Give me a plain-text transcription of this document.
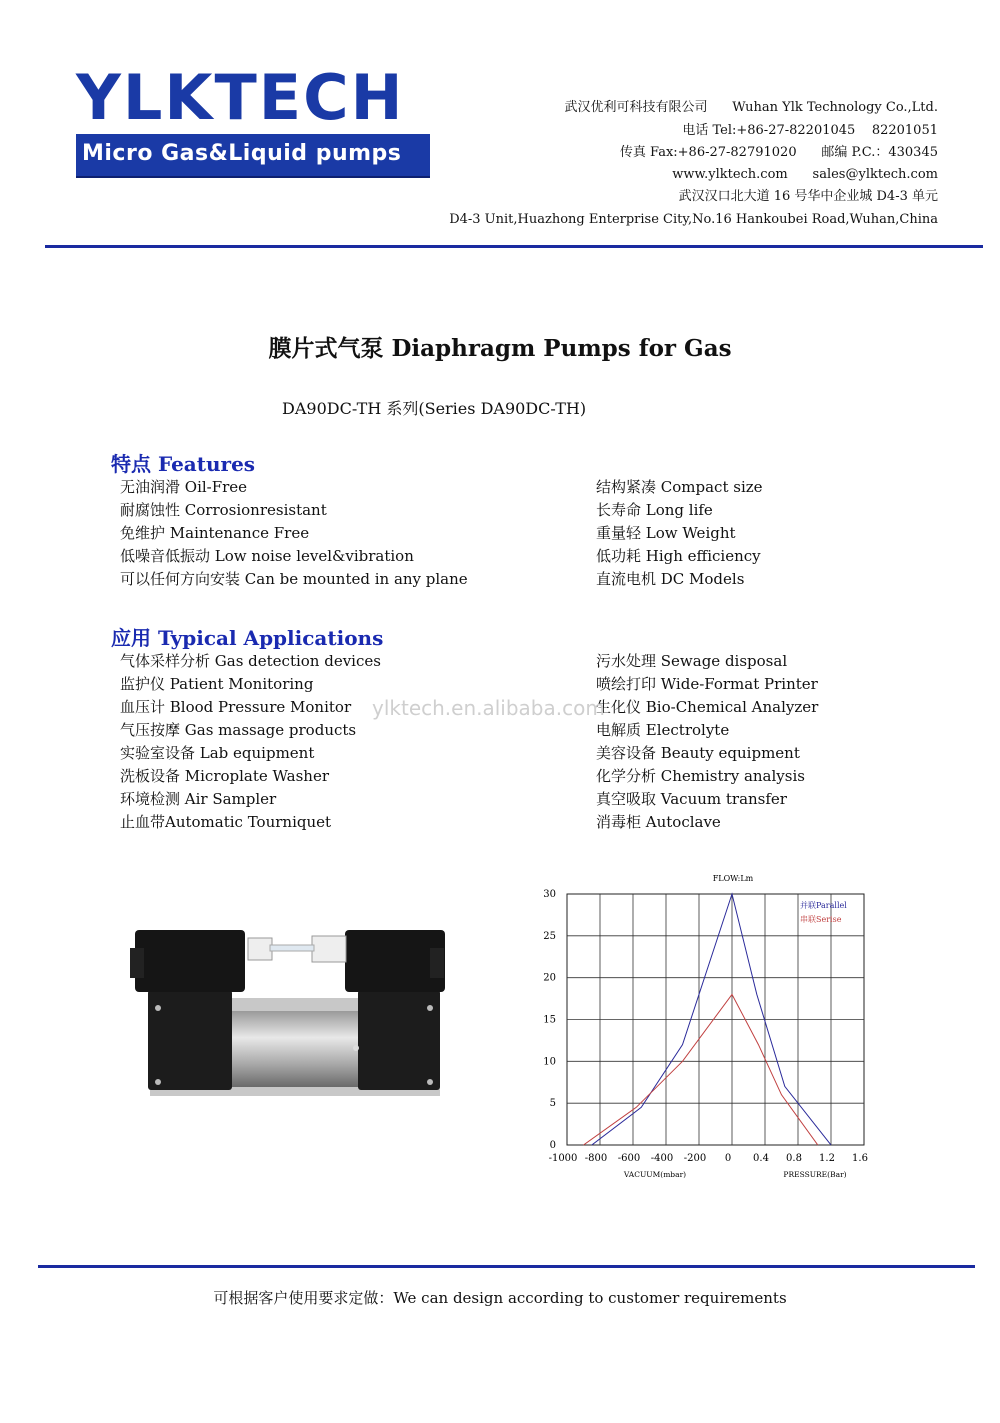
YLKTECH
Micro Gas&Liquid pumps
武汉优利可科技有限公司      Wuhan Ylk Technology Co.,Ltd.
电话 Tel:+86-27-82201045    82201051
传真 Fax:+86-27-82791020      邮编 P.C.：430345
www.ylktech.com      sales@ylktech.com
武汉汉口北大道 16 号华中企业城 D4-3 单元
D4-3 Unit,Huazhong Enterprise City,No.16 Hankoubei Road,Wuhan,China
膜片式气泵 Diaphragm Pumps for Gas
DA90DC-TH 系列(Series DA90DC-TH)
特点 Features
无油润滑 Oil-Free
耐腐蚀性 Corrosionresistant
免维护 Maintenance Free
低噪音低振动 Low noise level&vibration
可以任何方向安装 Can be mounted in any plane
结构紧凑 Compact size
长寿命 Long life
重量轻 Low Weight
低功耗 High efficiency
直流电机 DC Models
应用 Typical Applications
气体采样分析 Gas detection devices
监护仪 Patient Monitoring
血压计 Blood Pressure Monitor
气压按摩 Gas massage products
实验室设备 Lab equipment
洗板设备 Microplate Washer
环境检测 Air Sampler
止血带Automatic Tourniquet
污水处理 Sewage disposal
喷绘打印 Wide-Format Printer
生化仪 Bio-Chemical Analyzer
电解质 Electrolyte
美容设备 Beauty equipment
化学分析 Chemistry analysis
真空吸取 Vacuum transfer
消毒柜 Autoclave
ylktech.en.alibaba.com
FLOW:Lm
0
5
10
15
20
25
30
-1000 -800 -600 -400 -200 0 0.4 0.8 1.2 1.6
VACUUM(mbar)	PRESSURE(Bar)
并联Parallel
串联Serise
可根据客户使用要求定做：We can design according to customer requirements
